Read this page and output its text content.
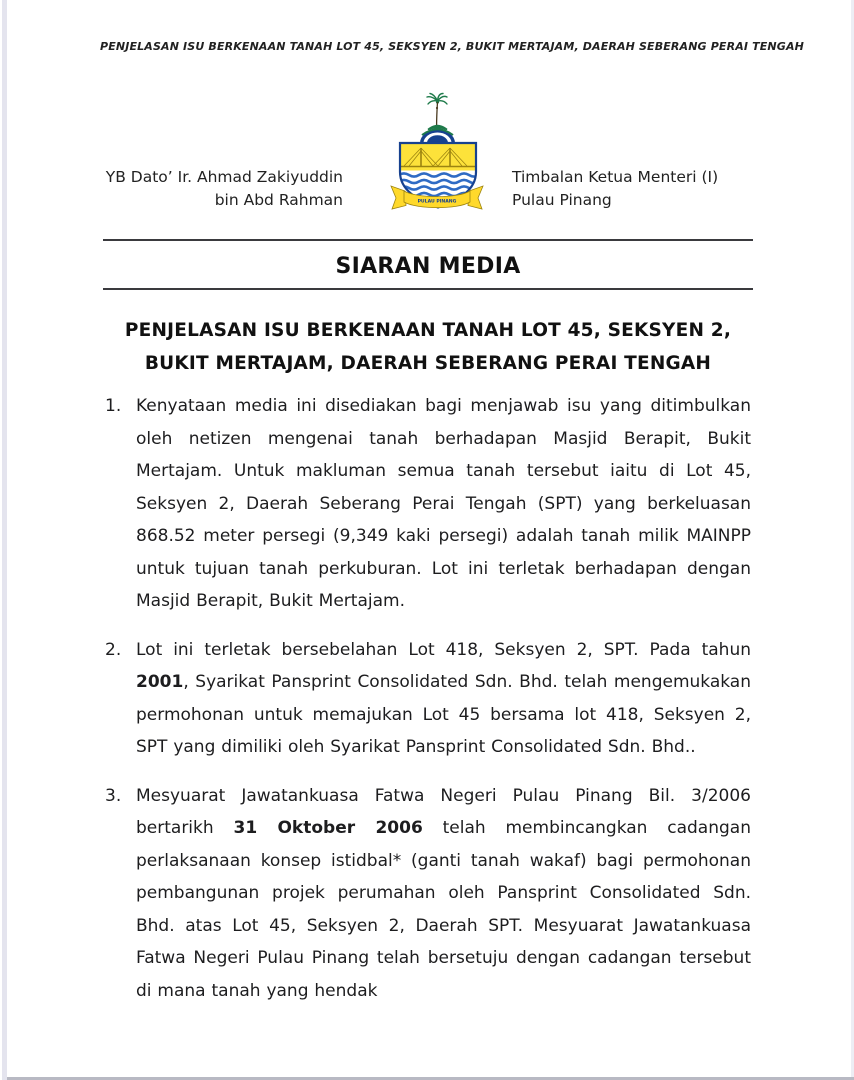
PENJELASAN ISU BERKENAAN TANAH LOT 45, SEKSYEN 2, BUKIT MERTAJAM, DAERAH SEBERANG PERAI TENGAH
PULAU PINANG
YB Dato’ Ir. Ahmad Zakiyuddin
bin Abd Rahman
Timbalan Ketua Menteri (I)
Pulau Pinang
SIARAN MEDIA
PENJELASAN ISU BERKENAAN TANAH LOT 45, SEKSYEN 2, BUKIT MERTAJAM, DAERAH SEBERANG PERAI TENGAH
1. Kenyataan media ini disediakan bagi menjawab isu yang ditimbulkan oleh netizen mengenai tanah berhadapan Masjid Berapit, Bukit Mertajam. Untuk makluman semua tanah tersebut iaitu di Lot 45, Seksyen 2, Daerah Seberang Perai Tengah (SPT) yang berkeluasan 868.52 meter persegi (9,349 kaki persegi) adalah tanah milik MAINPP untuk tujuan tanah perkuburan. Lot ini terletak berhadapan dengan Masjid Berapit, Bukit Mertajam.
2. Lot ini terletak bersebelahan Lot 418, Seksyen 2, SPT. Pada tahun 2001, Syarikat Pansprint Consolidated Sdn. Bhd. telah mengemukakan permohonan untuk memajukan Lot 45 bersama lot 418, Seksyen 2, SPT yang dimiliki oleh Syarikat Pansprint Consolidated Sdn. Bhd..
3. Mesyuarat Jawatankuasa Fatwa Negeri Pulau Pinang Bil. 3/2006 bertarikh 31 Oktober 2006 telah membincangkan cadangan perlaksanaan konsep istidbal* (ganti tanah wakaf) bagi permohonan pembangunan projek perumahan oleh Pansprint Consolidated Sdn. Bhd. atas Lot 45, Seksyen 2, Daerah SPT. Mesyuarat Jawatankuasa Fatwa Negeri Pulau Pinang telah bersetuju dengan cadangan tersebut di mana tanah yang hendak
